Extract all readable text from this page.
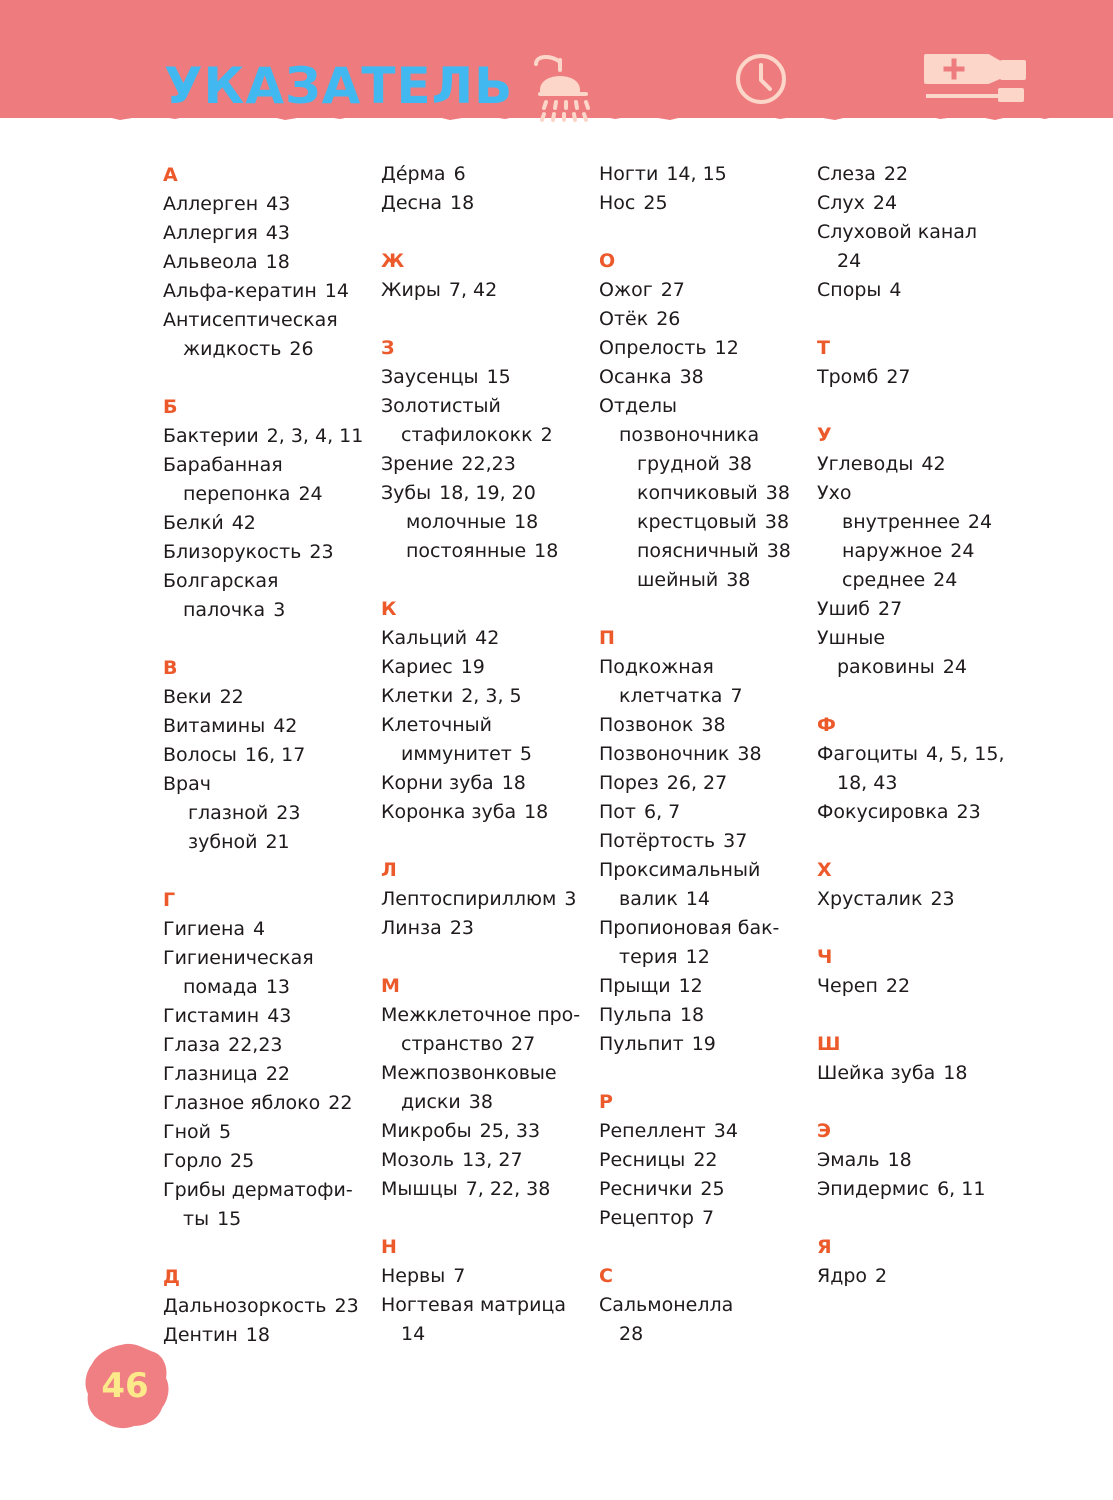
УКАЗАТЕЛЬ
А
Аллерген 43
Аллергия 43
Альвеола 18
Альфа-кератин 14
Антисептическая
жидкость 26
Б
Бактерии 2, 3, 4, 11
Барабанная
перепонка 24
Белки́ 42
Близорукость 23
Болгарская
палочка 3
В
Веки 22
Витамины 42
Волосы 16, 17
Врач
глазной 23
зубной 21
Г
Гигиена 4
Гигиеническая
помада 13
Гистамин 43
Глаза 22,23
Глазница 22
Глазное яблоко 22
Гной 5
Горло 25
Грибы дерматофи-
ты 15
Д
Дальнозоркость 23
Дентин 18
Де́рма 6
Десна 18
Ж
Жиры 7, 42
З
Заусенцы 15
Золотистый
стафилококк 2
Зрение 22,23
Зубы 18, 19, 20
молочные 18
постоянные 18
К
Кальций 42
Кариес 19
Клетки 2, 3, 5
Клеточный
иммунитет 5
Корни зуба 18
Коронка зуба 18
Л
Лептоспириллюм 3
Линза 23
М
Межклеточное про-
странство 27
Межпозвонковые
диски 38
Микробы 25, 33
Мозоль 13, 27
Мышцы 7, 22, 38
Н
Нервы 7
Ногтевая матрица
14
Ногти 14, 15
Нос 25
О
Ожог 27
Отёк 26
Опрелость 12
Осанка 38
Отделы
позвоночника
грудной 38
копчиковый 38
крестцовый 38
поясничный 38
шейный 38
П
Подкожная
клетчатка 7
Позвонок 38
Позвоночник 38
Порез 26, 27
Пот 6, 7
Потёртость 37
Проксимальный
валик 14
Пропионовая бак-
терия 12
Прыщи 12
Пульпа 18
Пульпит 19
Р
Репеллент 34
Ресницы 22
Реснички 25
Рецептор 7
С
Сальмонелла
28
Слеза 22
Слух 24
Слуховой канал
24
Споры 4
Т
Тромб 27
У
Углеводы 42
Ухо
внутреннее 24
наружное 24
среднее 24
Ушиб 27
Ушные
раковины 24
Ф
Фагоциты 4, 5, 15,
18, 43
Фокусировка 23
Х
Хрусталик 23
Ч
Череп 22
Ш
Шейка зуба 18
Э
Эмаль 18
Эпидермис 6, 11
Я
Ядро 2
46
